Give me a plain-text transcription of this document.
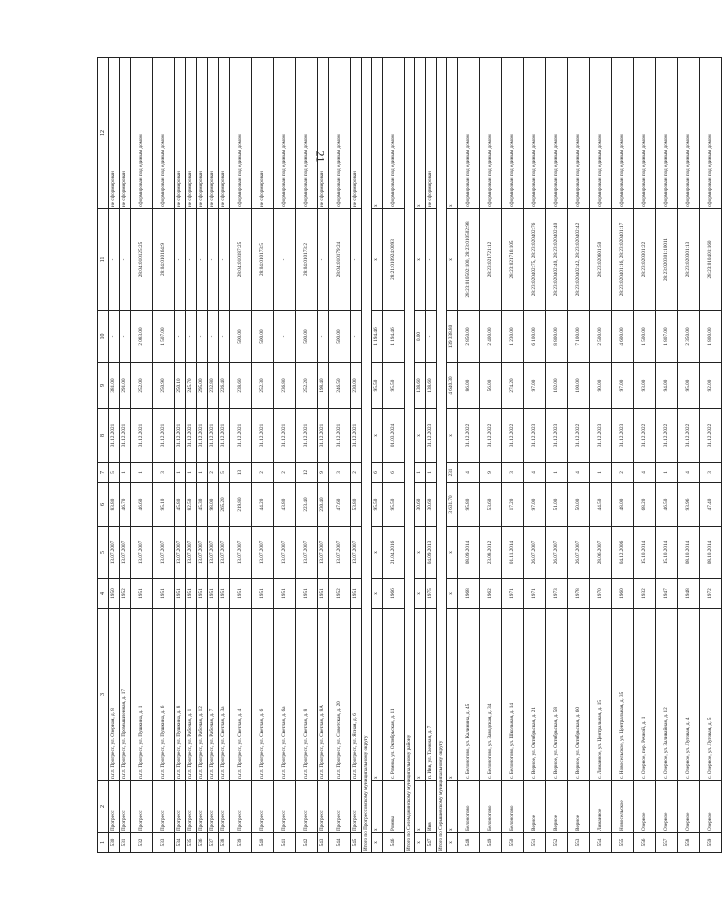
21
1	2	3	4	5	6	7	8	9	10	11	12
530	Прогресс	п.г.т. Прогресс, ул. Озерная, д. 8	1950	13.07.2007	83.80	5	31.12.2021	381.00	-	-	не сформирован
531	Прогресс	п.г.т. Прогресс, ул. Промышленная, д. 17	1952	13.07.2007	46.70	1	31.12.2021	291.00	-	-	не сформирован
532	Прогресс	п.г.т. Прогресс, ул. Пушкина, д. 1	1951	13.07.2007	46.60	1	31.12.2021	252.00	2 083.00	28:04:010125:25	сформирован под единым домом
533	Прогресс	п.г.т. Прогресс, ул. Пушкина, д. 6	1951	13.07.2007	95.10	3	31.12.2021	250.90	1 507.00	28:04:010164:9	сформирован под единым домом
534	Прогресс	п.г.т. Прогресс, ул. Пушкина, д. 8	1951	13.07.2007	45.80	1	31.12.2021	250.10	-	-	не сформирован
535	Прогресс	п.г.т. Прогресс, ул. Рабочая, д. 1	1951	13.07.2007	82.50	1	31.12.2021	245.70	-	-	не сформирован
536	Прогресс	п.г.т. Прогресс, ул. Рабочая, д. 12	1951	13.07.2007	45.30	1	31.12.2021	295.00	-	-	не сформирован
537	Прогресс	п.г.т. Прогресс, ул. Рабочая, д. 7	1951	13.07.2007	98.00	2	31.12.2021	232.80	-	-	не сформирован
538	Прогресс	п.г.т. Прогресс, ул. Светлая, д. 3а	1951	13.07.2007	265.20	5	31.12.2021	226.40	-	-	не сформирован
539	Прогресс	п.г.т. Прогресс, ул. Светлая, д. 4	1951	13.07.2007	219.80	13	31.12.2021	238.60	500.00	28:04:010187:25	сформирован под единым домом
540	Прогресс	п.г.т. Прогресс, ул. Светлая, д. 6	1951	13.07.2007	44.20	2	31.12.2021	252.30	500.00	28:04:010173:5	не сформирован
541	Прогресс	п.г.т. Прогресс, ул. Светлая, д. 6а	1951	13.07.2007	43.80	2	31.12.2021	236.80	-	-	сформирован под единым домом
542	Прогресс	п.г.т. Прогресс, ул. Светлая, д. 8	1951	13.07.2007	223.40	12	31.12.2021	252.20	500.00	28:04:010173:2	сформирован под единым домом
543	Прогресс	п.г.т. Прогресс, ул. Светлая, д. 8А	1951	13.07.2007	230.40	9	31.12.2021	198.40	-	-	не сформирован
544	Прогресс	п.г.т. Прогресс, ул. Советская, д. 20	1952	13.07.2007	47.60	3	31.12.2021	246.50	500.00	28:04:010179:24	сформирован под единым домом
545	Прогресс	п.г.т. Прогресс, ул. Ясная, д. 6	1951	13.07.2007	53.80	2	31.12.2021	230.00	-	-	не сформирован
Итого по Прогрессовскому муниципальному округу											
х	х	х	х	х	95.50	6	х	95.50	1 194.46	х	х
546	Ромны	с. Ромны, ул. Октябрьская, д. 11	1966	21.04.2016	95.50	6	01.03.2024	95.50	1 194.46	28:21:010924:0093	сформирован под единым домом
Итого по Селемджинскому муниципальному району											
х	х	х	х	х	30.60	1	х	138.60	0.00	х	х
547	Ивв	п. Ивв, ул. Таежная, д. 7	1975	04.09.2013	30.60	1	31.12.2023	138.60	-	-	не сформирован
Итого по Серышевскому муниципальному округу											
х	х	х	х	х	3 631.70	231	х	4 640.30	139 338.80	х	х
548	Белоногово	с. Белоногово, ул. Калинина, д. 45	1968	08.09.2014	95.80	4	31.12.2022	86.00	2 850.00	28:23:010502:100, 28:23:010502:98	сформирован под единым домом
549	Белоногово	с. Белоногово, ул. Заводская, д. 34	1962	23.08.2012	53.60	9	31.12.2022	56.00	2 400.00	28:23:021721:12	сформирован под единым домом
550	Белоногово	с. Белоногово, ул. Школьная, д. 14	1971	01.11.2014	17.20	3	31.12.2022	274.20	1 230.00	28:23:021716:105	сформирован под единым домом
551	Верное	с. Верное, ул. Октябрьская, д. 21	1971	26.07.2007	97.00	4	31.12.2023	97.00	6 100.00	28:23:020402:75, 28:23:020402:76	сформирован под единым домом
552	Верное	с. Верное, ул. Октябрьская, д. 58	1973	26.07.2007	51.00	1	31.12.2023	102.00	8 800.00	28:23:020402:40, 28:23:020402:40	сформирован под единым домом
553	Верное	с. Верное, ул. Октябрьская, д. 60	1978	26.07.2007	50.00	4	31.12.2022	100.00	7 100.00	28:23:020402:42, 28:23:020402:42	сформирован под единым домом
554	Лиманное	с. Лиманное, ул. Центральная, д. 15	1970	28.06.2007	44.50	1	31.12.2023	90.00	2 500.00	28:23:020601:50	сформирован под единым домом
555	Новосельское	с. Новосельское, ул. Центральная, д. 35	1960	04.12.2006	48.00	2	31.12.2023	97.00	4 600.00	28:23:020401:16, 28:23:020401:17	сформирован под единым домом
556	Озерное	с. Озерное, пер. Речной, д. 1	1932	15.10.2014	68.20	4	31.12.2022	93.00	1 500.00	28:23:020301:22	сформирован под единым домом
557	Озерное	с. Озерное, ул. Заливайная, д. 12	1947	15.10.2014	46.50	1	31.12.2022	94.00	1 807.00	28:23:020301:10011	сформирован под единым домом
558	Озерное	с. Озерное, ул. Луговая, д. 4	1948	08.10.2014	93.96	4	31.12.2022	95.00	2 350.00	28:23:020301:13	сформирован под единым домом
559	Озерное	с. Озерное, ул. Луговая, д. 5	1972	08.10.2014	47.40	3	31.12.2022	92.00	1 800.00	28:23:010401:160	сформирован под единым домом
